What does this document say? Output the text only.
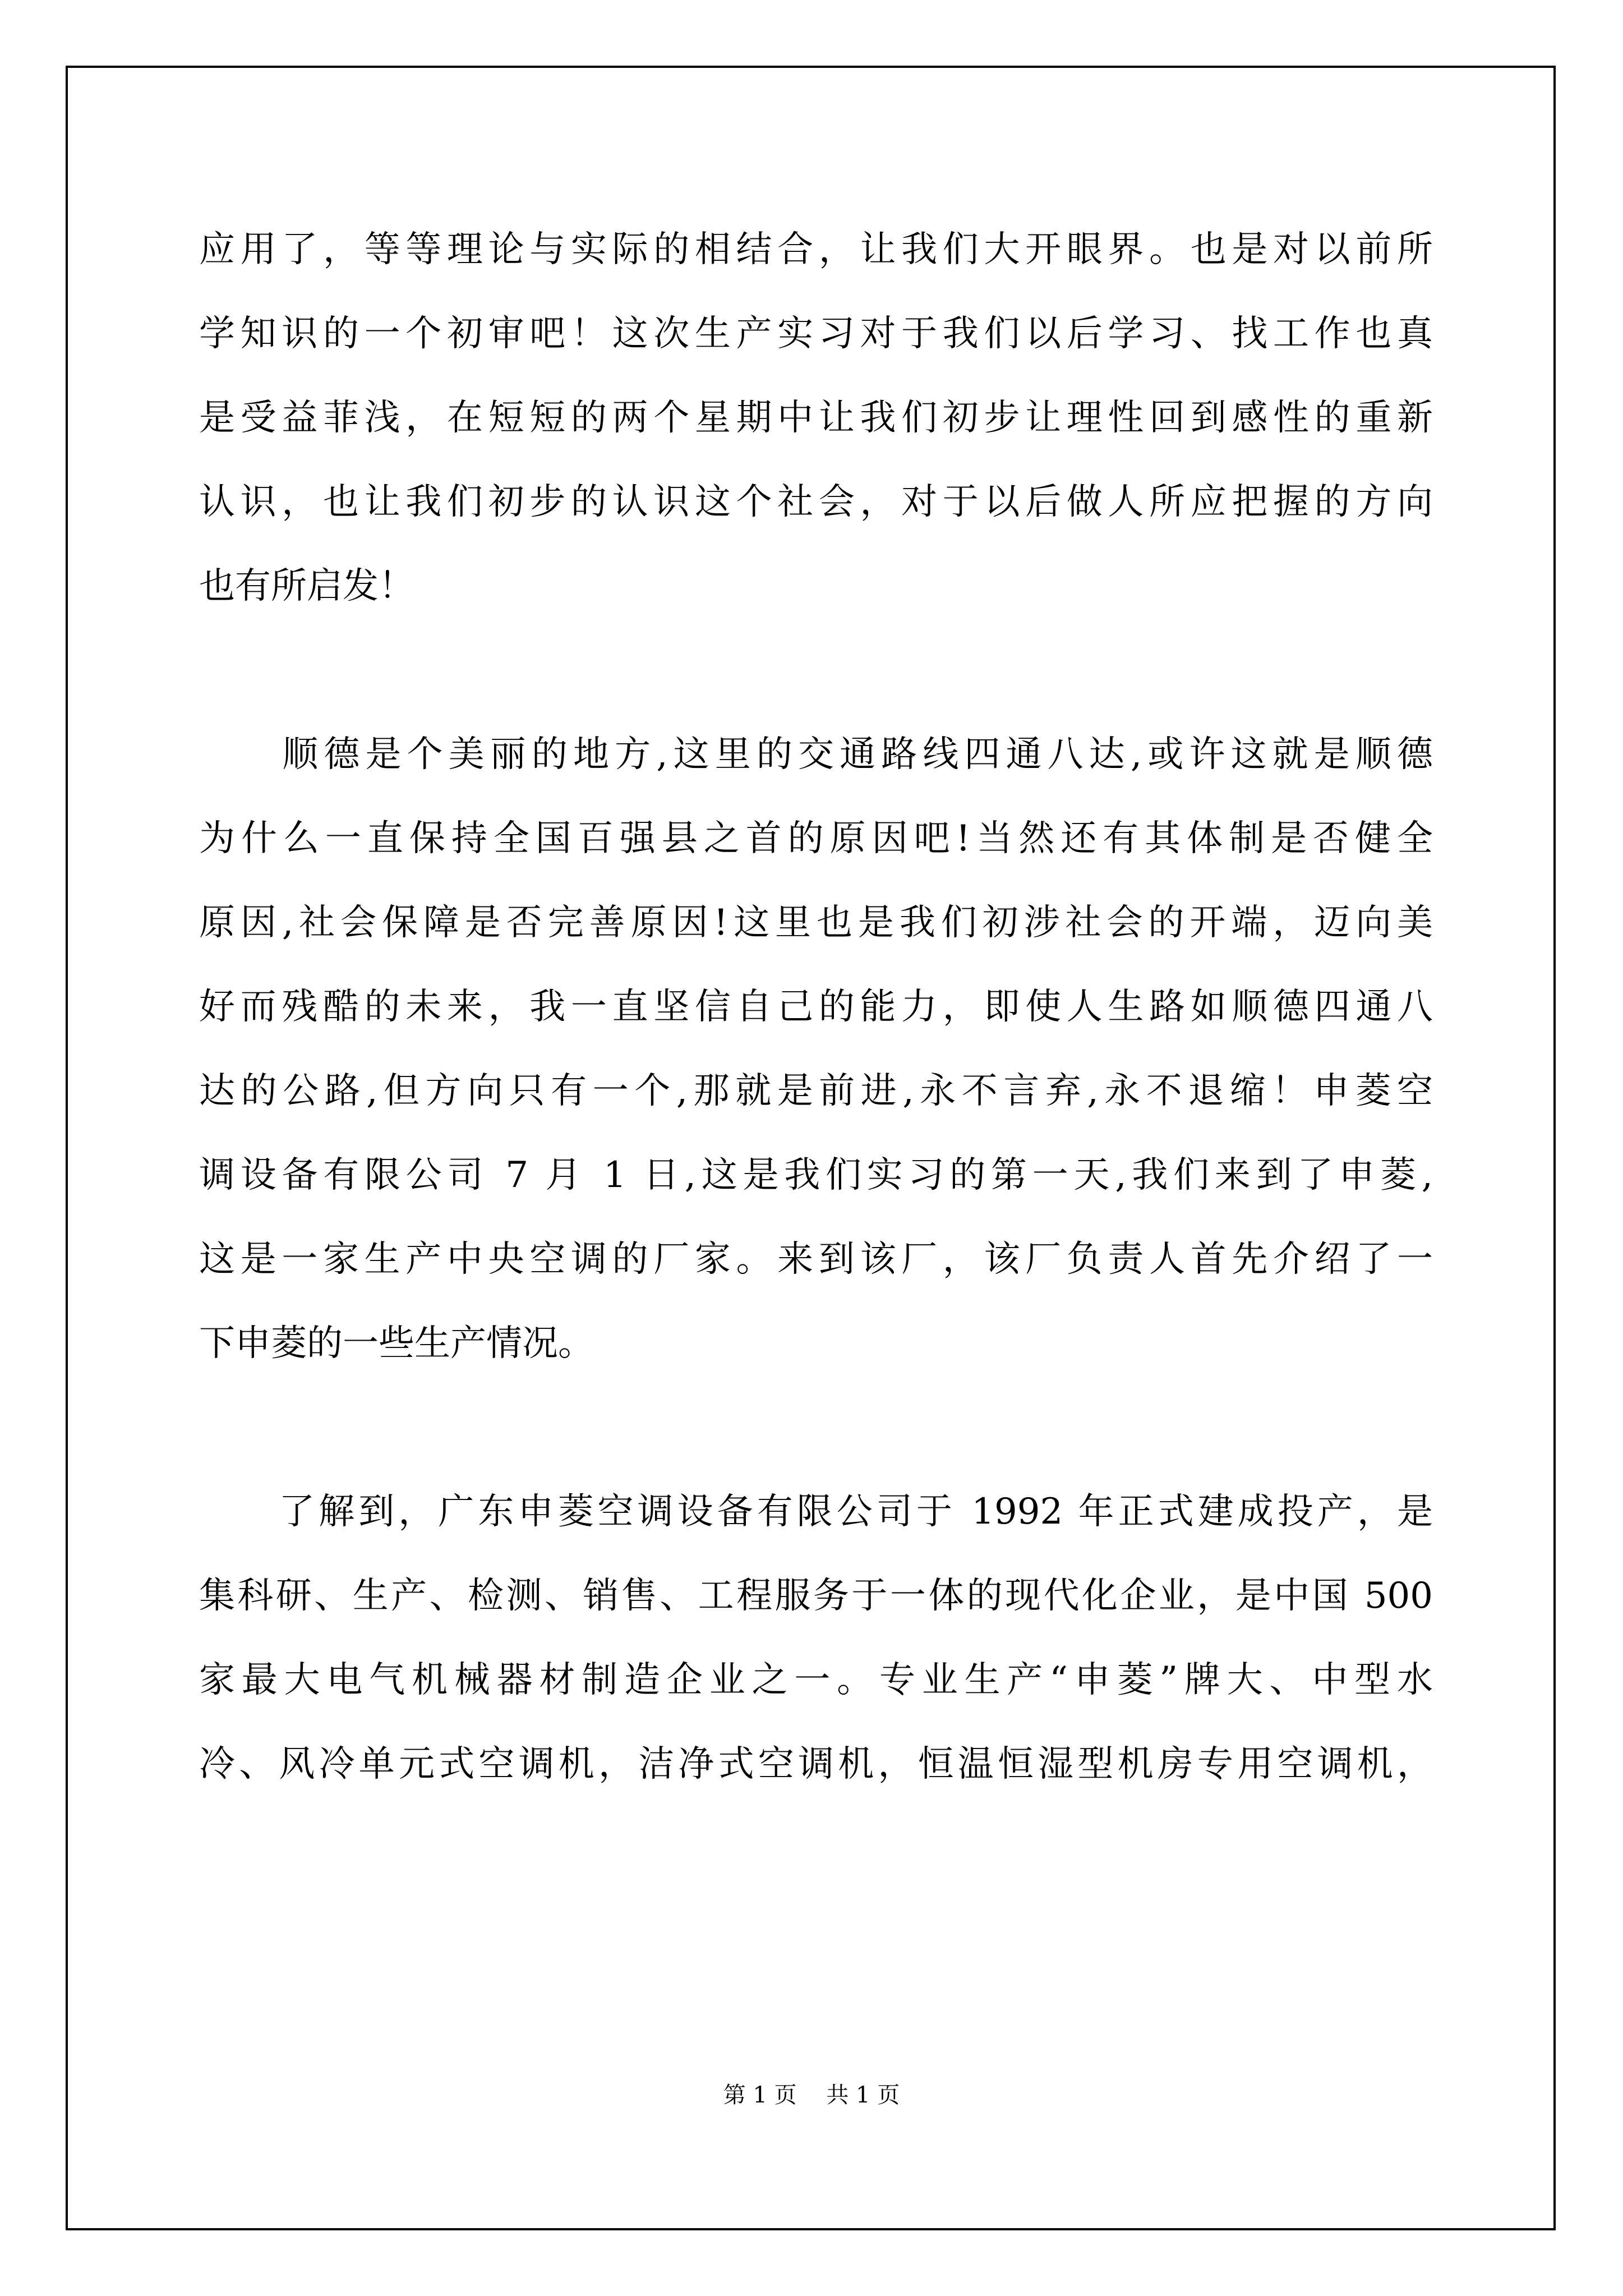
应用了，等等理论与实际的相结合，让我们大开眼界。也是对以前所
学知识的一个初审吧！这次生产实习对于我们以后学习、找工作也真
是受益菲浅，在短短的两个星期中让我们初步让理性回到感性的重新
认识，也让我们初步的认识这个社会，对于以后做人所应把握的方向
也有所启发！
　　顺德是个美丽的地方,这里的交通路线四通八达,或许这就是顺德
为什么一直保持全国百强县之首的原因吧!当然还有其体制是否健全
原因,社会保障是否完善原因!这里也是我们初涉社会的开端，迈向美
好而残酷的未来，我一直坚信自己的能力，即使人生路如顺德四通八
达的公路,但方向只有一个,那就是前进,永不言弃,永不退缩！申菱空
调设备有限公司 7 月 1 日,这是我们实习的第一天,我们来到了申菱,
这是一家生产中央空调的厂家。来到该厂，该厂负责人首先介绍了一
下申菱的一些生产情况。
　　了解到，广东申菱空调设备有限公司于 1992 年正式建成投产，是
集科研、生产、检测、销售、工程服务于一体的现代化企业，是中国 500
家最大电气机械器材制造企业之一。专业生产“申菱”牌大、中型水
冷、风冷单元式空调机，洁净式空调机，恒温恒湿型机房专用空调机，
第 1 页　 共 1 页
